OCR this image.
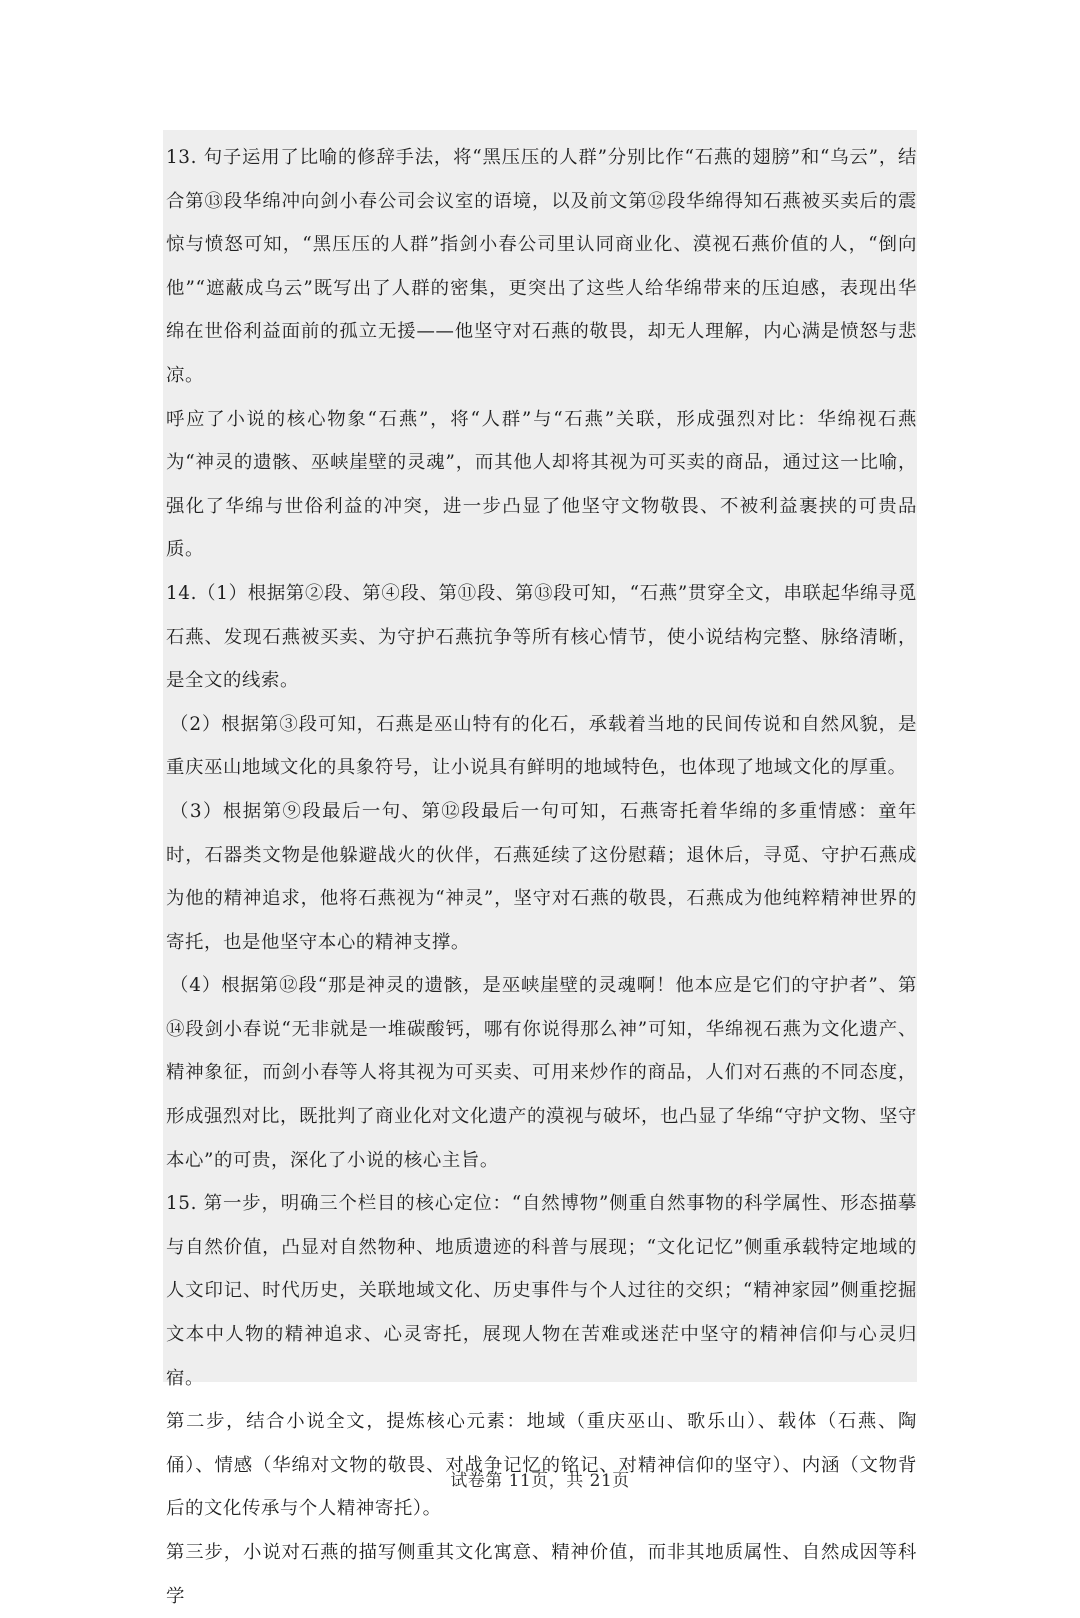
13. 句子运用了比喻的修辞手法，将“黑压压的人群”分别比作“石燕的翅膀”和“乌云”，结合第⑬段华绵冲向剑小春公司会议室的语境，以及前文第⑫段华绵得知石燕被买卖后的震惊与愤怒可知，“黑压压的人群”指剑小春公司里认同商业化、漠视石燕价值的人，“倒向他”“遮蔽成乌云”既写出了人群的密集，更突出了这些人给华绵带来的压迫感，表现出华绵在世俗利益面前的孤立无援——他坚守对石燕的敬畏，却无人理解，内心满是愤怒与悲凉。

呼应了小说的核心物象“石燕”，将“人群”与“石燕”关联，形成强烈对比：华绵视石燕为“神灵的遗骸、巫峡崖壁的灵魂”，而其他人却将其视为可买卖的商品，通过这一比喻，强化了华绵与世俗利益的冲突，进一步凸显了他坚守文物敬畏、不被利益裹挟的可贵品质。

14.（1）根据第②段、第④段、第⑪段、第⑬段可知，“石燕”贯穿全文，串联起华绵寻觅石燕、发现石燕被买卖、为守护石燕抗争等所有核心情节，使小说结构完整、脉络清晰，是全文的线索。

（2）根据第③段可知，石燕是巫山特有的化石，承载着当地的民间传说和自然风貌，是重庆巫山地域文化的具象符号，让小说具有鲜明的地域特色，也体现了地域文化的厚重。

（3）根据第⑨段最后一句、第⑫段最后一句可知，石燕寄托着华绵的多重情感：童年时，石器类文物是他躲避战火的伙伴，石燕延续了这份慰藉；退休后，寻觅、守护石燕成为他的精神追求，他将石燕视为“神灵”，坚守对石燕的敬畏，石燕成为他纯粹精神世界的寄托，也是他坚守本心的精神支撑。

（4）根据第⑫段“那是神灵的遗骸，是巫峡崖壁的灵魂啊！他本应是它们的守护者”、第⑭段剑小春说“无非就是一堆碳酸钙，哪有你说得那么神”可知，华绵视石燕为文化遗产、精神象征，而剑小春等人将其视为可买卖、可用来炒作的商品，人们对石燕的不同态度，形成强烈对比，既批判了商业化对文化遗产的漠视与破坏，也凸显了华绵“守护文物、坚守本心”的可贵，深化了小说的核心主旨。

15. 第一步，明确三个栏目的核心定位：“自然博物”侧重自然事物的科学属性、形态描摹与自然价值，凸显对自然物种、地质遗迹的科普与展现；“文化记忆”侧重承载特定地域的人文印记、时代历史，关联地域文化、历史事件与个人过往的交织；“精神家园”侧重挖掘文本中人物的精神追求、心灵寄托，展现人物在苦难或迷茫中坚守的精神信仰与心灵归宿。

第二步，结合小说全文，提炼核心元素：地域（重庆巫山、歌乐山）、载体（石燕、陶俑）、情感（华绵对文物的敬畏、对战争记忆的铭记、对精神信仰的坚守）、内涵（文物背后的文化传承与个人精神寄托）。

第三步，小说对石燕的描写侧重其文化寓意、精神价值，而非其地质属性、自然成因等科学

试卷第 11页，共 21页
